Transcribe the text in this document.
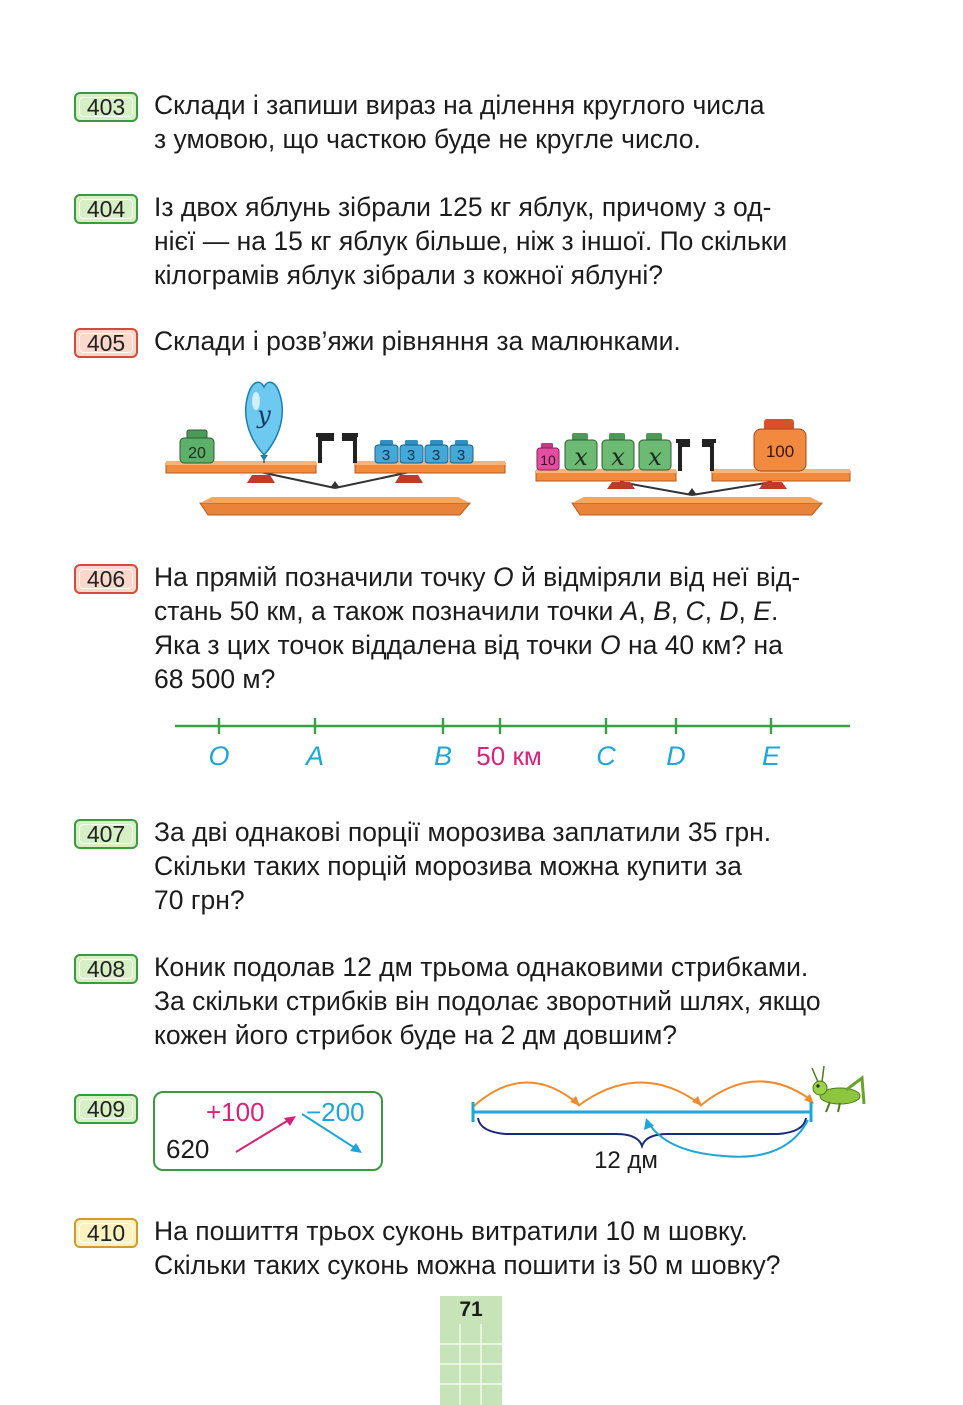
403	Склади і запиши вираз на ділення круглого числа
з умовою, що часткою буде не кругле число.
404	Із двох яблунь зібрали 125 кг яблук, причому з од-
нієї — на 15 кг яблук більше, ніж з іншої. По скільки
кілограмів яблук зібрали з кожної яблуні?
405	Склади і розв’яжи рівняння за малюнками.
20
y
3 3 3 3	10 x x x	100
406	На прямій позначили точку O й відміряли від неї від-
стань 50 км, а також позначили точки A, B, C, D, E.
Яка з цих точок віддалена від точки O на 40 км? на
68 500 м?
O	A	B 50 км C D	E
407	За дві однакові порції морозива заплатили 35 грн.
Скільки таких порцій морозива можна купити за
70 грн?
408	Коник подолав 12 дм трьома однаковими стрибками.
За скільки стрибків він подолає зворотний шлях, якщо
кожен його стрибок буде на 2 дм довшим?
409
620
+100 −200
12 дм
410	На пошиття трьох суконь витратили 10 м шовку.
Скільки таких суконь можна пошити із 50 м шовку?
71
